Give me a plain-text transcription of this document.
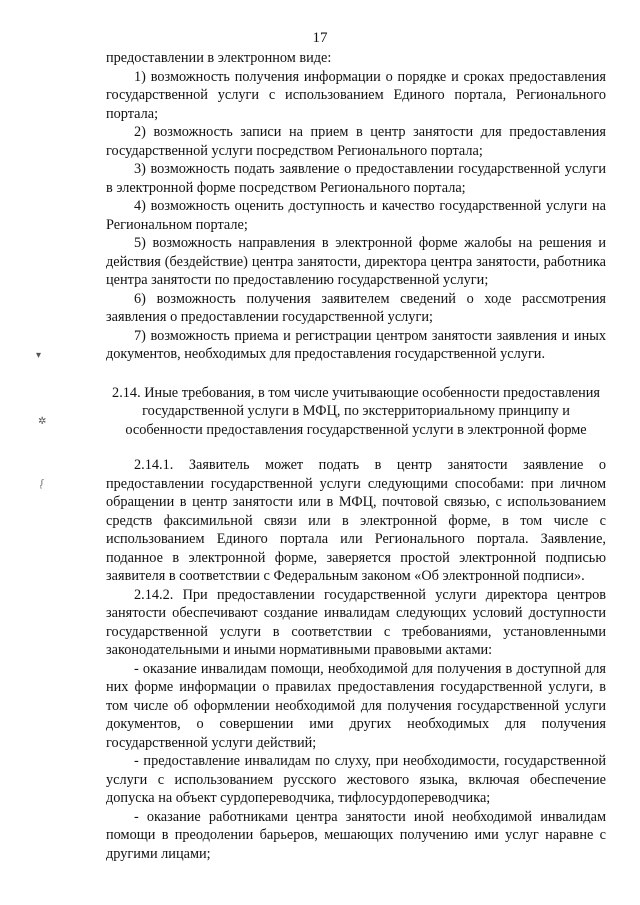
17
▾
✲
ᶘ

предоставлении в электронном виде:

1) возможность получения информации о порядке и сроках предоставления государственной услуги с использованием Единого портала, Регионального портала;

2) возможность записи на прием в центр занятости для предоставления государственной услуги посредством Регионального портала;

3) возможность подать заявление о предоставлении государственной услуги в электронной форме посредством Регионального портала;

4) возможность оценить доступность и качество государственной услуги на Региональном портале;

5) возможность направления в электронной форме жалобы на решения и действия (бездействие) центра занятости, директора центра занятости, работника центра занятости по предоставлению государственной услуги;

6) возможность получения заявителем сведений о ходе рассмотрения заявления о предоставлении государственной услуги;

7) возможность приема и регистрации центром занятости заявления и иных документов, необходимых для предоставления государственной услуги.

2.14. Иные требования, в том числе учитывающие особенности предоставления государственной услуги в МФЦ, по экстерриториальному принципу и особенности предоставления государственной услуги в электронной форме

2.14.1. Заявитель может подать в центр занятости заявление о предоставлении государственной услуги следующими способами: при личном обращении в центр занятости или в МФЦ, почтовой связью, с использованием средств факсимильной связи или в электронной форме, в том числе с использованием Единого портала или Регионального портала. Заявление, поданное в электронной форме, заверяется простой электронной подписью заявителя в соответствии с Федеральным законом «Об электронной подписи».

2.14.2. При предоставлении государственной услуги директора центров занятости обеспечивают создание инвалидам следующих условий доступности государственной услуги в соответствии с требованиями, установленными законодательными и иными нормативными правовыми актами:

- оказание инвалидам помощи, необходимой для получения в доступной для них форме информации о правилах предоставления государственной услуги, в том числе об оформлении необходимой для получения государственной услуги документов, о совершении ими других необходимых для получения государственной услуги действий;

- предоставление инвалидам по слуху, при необходимости, государственной услуги с использованием русского жестового языка, включая обеспечение допуска на объект сурдопереводчика, тифлосурдопереводчика;

- оказание работниками центра занятости иной необходимой инвалидам помощи в преодолении барьеров, мешающих получению ими услуг наравне с другими лицами;
